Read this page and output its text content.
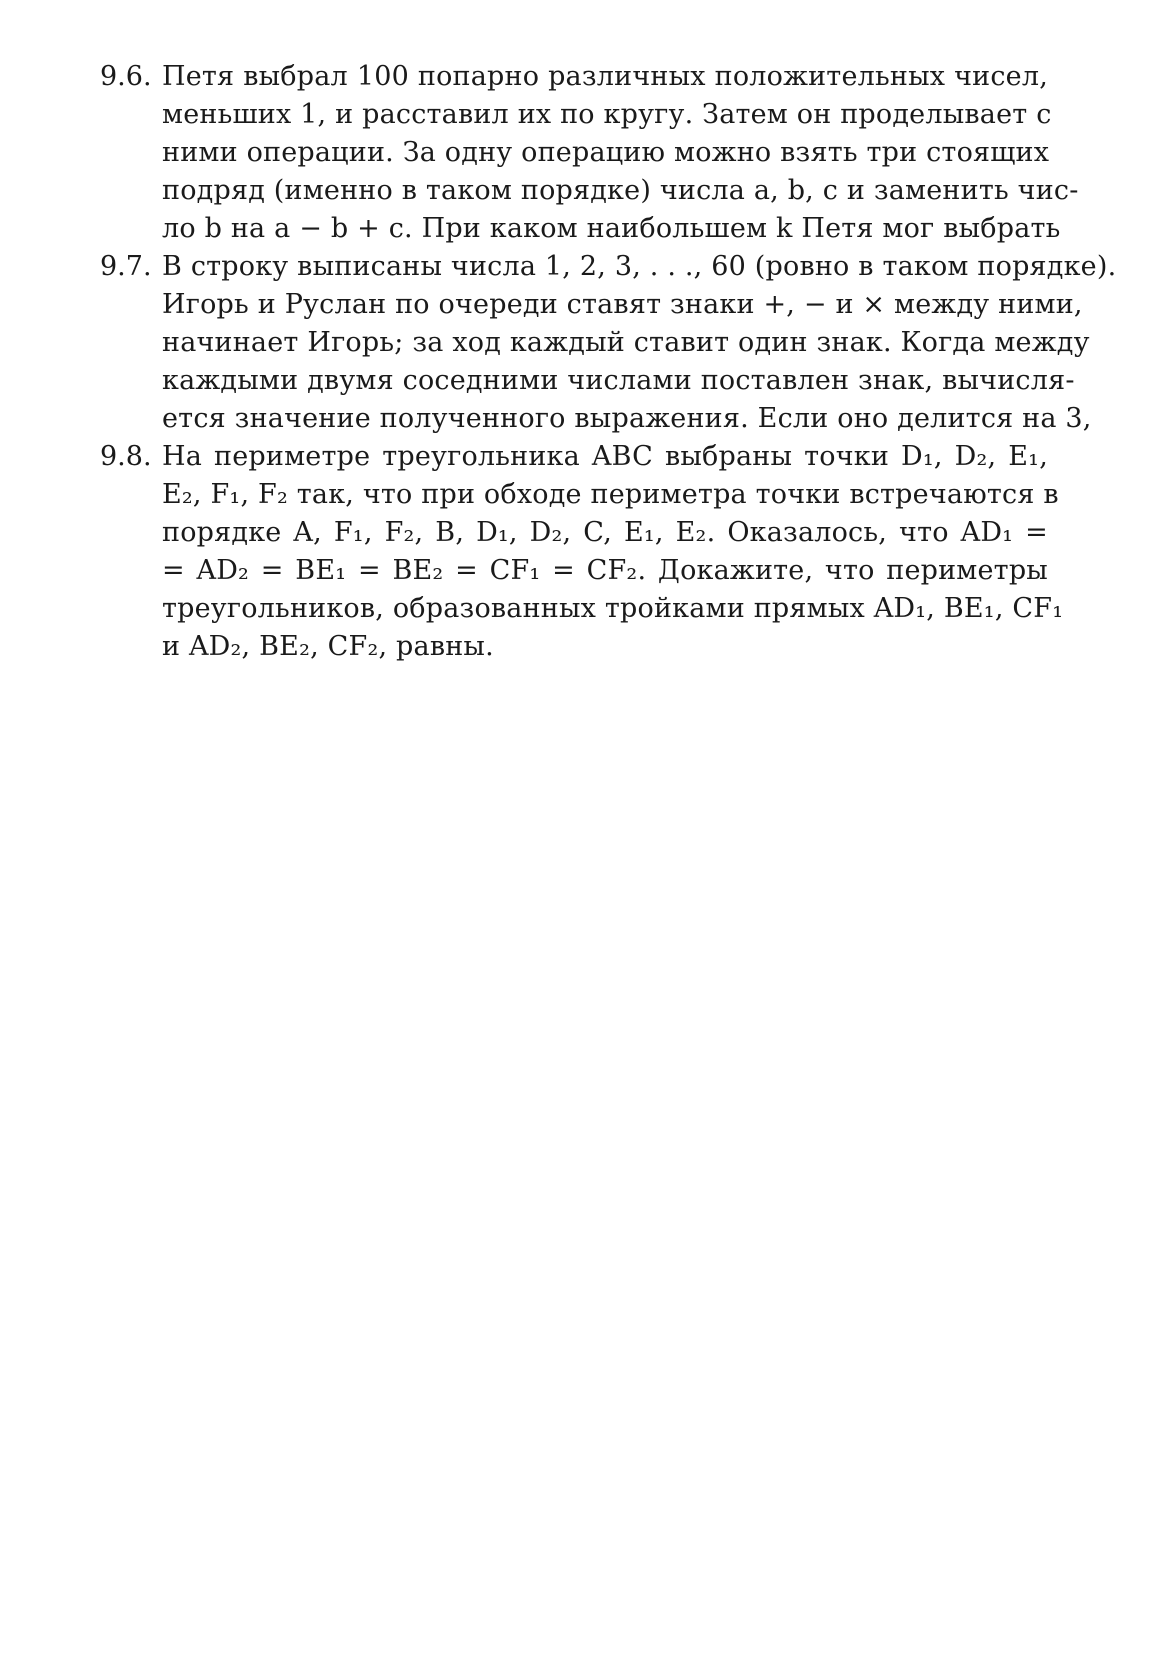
9.6. Петя выбрал 100 попарно различных положительных чисел,
меньших 1, и расставил их по кругу. Затем он проделывает с
ними операции. За одну операцию можно взять три стоящих
подряд (именно в таком порядке) числа a, b, c и заменить чис-
ло b на a − b + c. При каком наибольшем k Петя мог выбрать
9.7. В строку выписаны числа 1, 2, 3, . . ., 60 (ровно в таком порядке).
Игорь и Руслан по очереди ставят знаки +, − и × между ними,
начинает Игорь; за ход каждый ставит один знак. Когда между
каждыми двумя соседними числами поставлен знак, вычисля-
ется значение полученного выражения. Если оно делится на 3,
9.8. На периметре треугольника ABC выбраны точки D₁, D₂, E₁,
E₂, F₁, F₂ так, что при обходе периметра точки встречаются в
порядке A, F₁, F₂, B, D₁, D₂, C, E₁, E₂. Оказалось, что AD₁ =
= AD₂ = BE₁ = BE₂ = CF₁ = CF₂. Докажите, что периметры
треугольников, образованных тройками прямых AD₁, BE₁, CF₁
и AD₂, BE₂, CF₂, равны.
